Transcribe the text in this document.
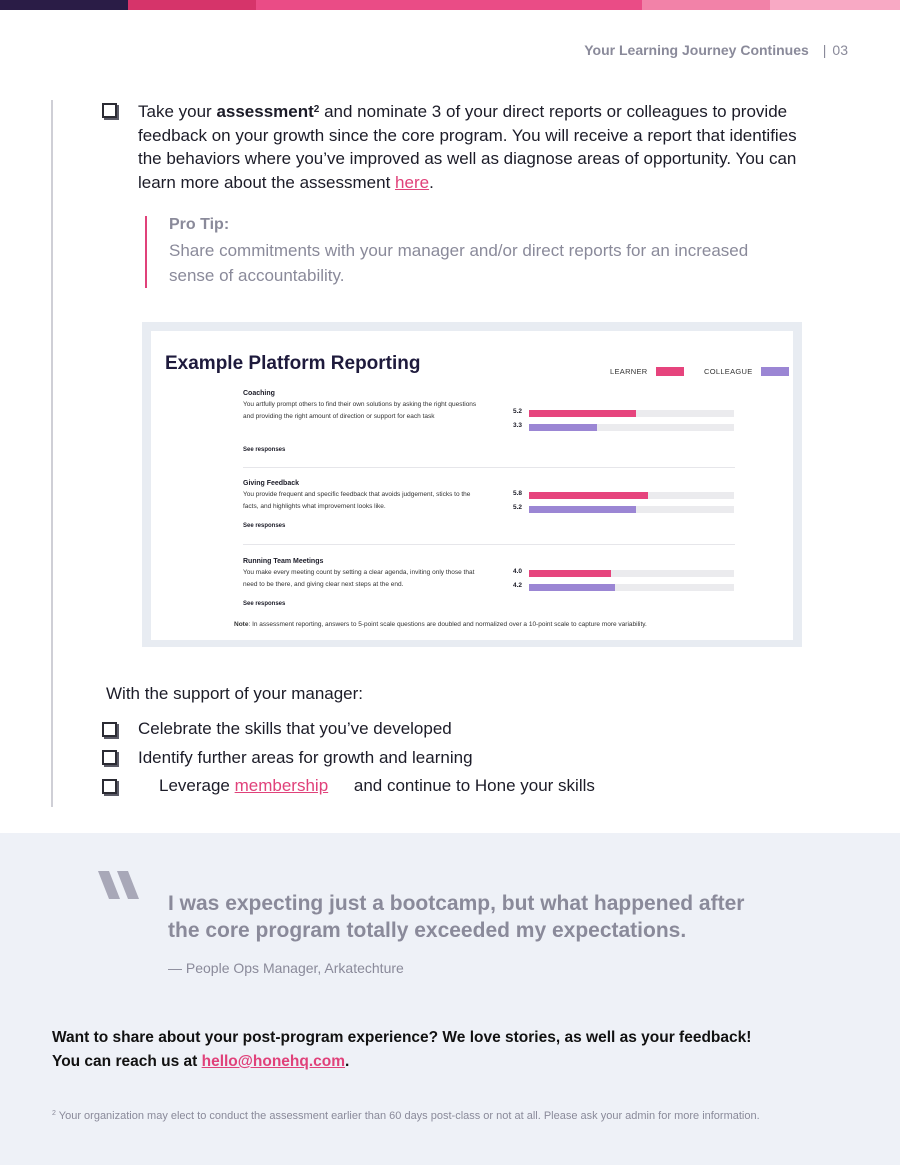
Your Learning Journey Continues | 03

Take your assessment$^2$ and nominate 3 of your direct reports or colleagues to provide feedback on your growth since the core program. You will receive a report that identifies the behaviors where you’ve improved as well as diagnose areas of opportunity. You can learn more about the assessment here.

Pro Tip:
Share commitments with your manager and/or direct reports for an increased sense of accountability.
Example Platform Reporting	LEARNER	COLLEAGUE
Coaching
You artfully prompt others to find their own solutions by asking the right questions and providing the right amount of direction or support for each task
See responses
5.2
3.3
Giving Feedback
You provide frequent and specific feedback that avoids judgement, sticks to the facts, and highlights what improvement looks like.
See responses
5.8
5.2
Running Team Meetings
You make every meeting count by setting a clear agenda, inviting only those that need to be there, and giving clear next steps at the end.
See responses
4.0
4.2
Note: In assessment reporting, answers to 5-point scale questions are doubled and normalized over a 10-point scale to capture more variability.
With the support of your manager:
Celebrate the skills that you’ve developed
Identify further areas for growth and learning
Leverage membership and continue to Hone your skills
I was expecting just a bootcamp, but what happened after the core program totally exceeded my expectations.
— People Ops Manager, Arkatechture
Want to share about your post-program experience? We love stories, as well as your feedback!
You can reach us at hello@honehq.com.
$^2$ Your organization may elect to conduct the assessment earlier than 60 days post-class or not at all. Please ask your admin for more information.
